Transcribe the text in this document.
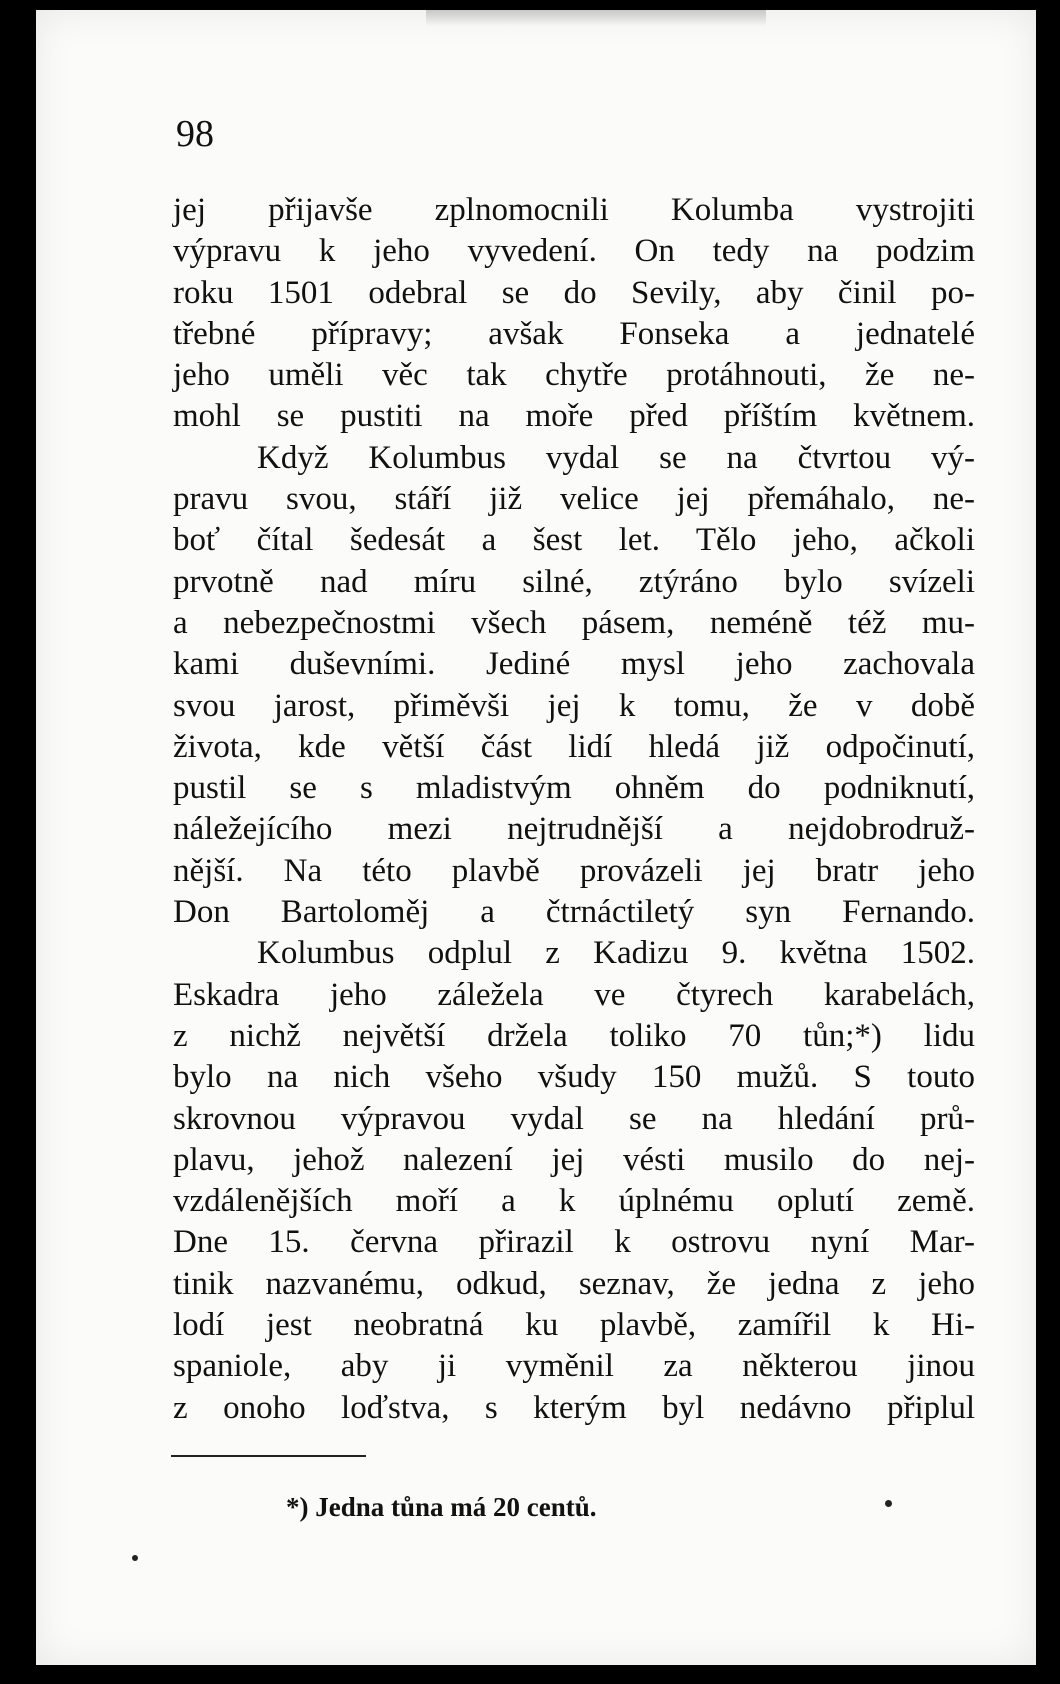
98
jej přijavše zplnomocnili Kolumba vystrojiti
výpravu k jeho vyvedení. On tedy na podzim
roku 1501 odebral se do Sevily, aby činil po-
třebné přípravy; avšak Fonseka a jednatelé
jeho uměli věc tak chytře protáhnouti, že ne-
mohl se pustiti na moře před příštím květnem.
Když Kolumbus vydal se na čtvrtou vý-
pravu svou, stáří již velice jej přemáhalo, ne-
boť čítal šedesát a šest let. Tělo jeho, ačkoli
prvotně nad míru silné, ztýráno bylo svízeli
a nebezpečnostmi všech pásem, neméně též mu-
kami duševními. Jediné mysl jeho zachovala
svou jarost, přiměvši jej k tomu, že v době
života, kde větší část lidí hledá již odpočinutí,
pustil se s mladistvým ohněm do podniknutí,
náležejícího mezi nejtrudnější a nejdobrodruž-
nější. Na této plavbě provázeli jej bratr jeho
Don Bartoloměj a čtrnáctiletý syn Fernando.
Kolumbus odplul z Kadizu 9. května 1502.
Eskadra jeho záležela ve čtyrech karabelách,
z nichž největší držela toliko 70 tůn;*) lidu
bylo na nich všeho všudy 150 mužů. S touto
skrovnou výpravou vydal se na hledání prů-
plavu, jehož nalezení jej vésti musilo do nej-
vzdálenějších moří a k úplnému oplutí země.
Dne 15. června přirazil k ostrovu nyní Mar-
tinik nazvanému, odkud, seznav, že jedna z jeho
lodí jest neobratná ku plavbě, zamířil k Hi-
spaniole, aby ji vyměnil za některou jinou
z onoho loďstva, s kterým byl nedávno připlul
*) Jedna tůna má 20 centů.
